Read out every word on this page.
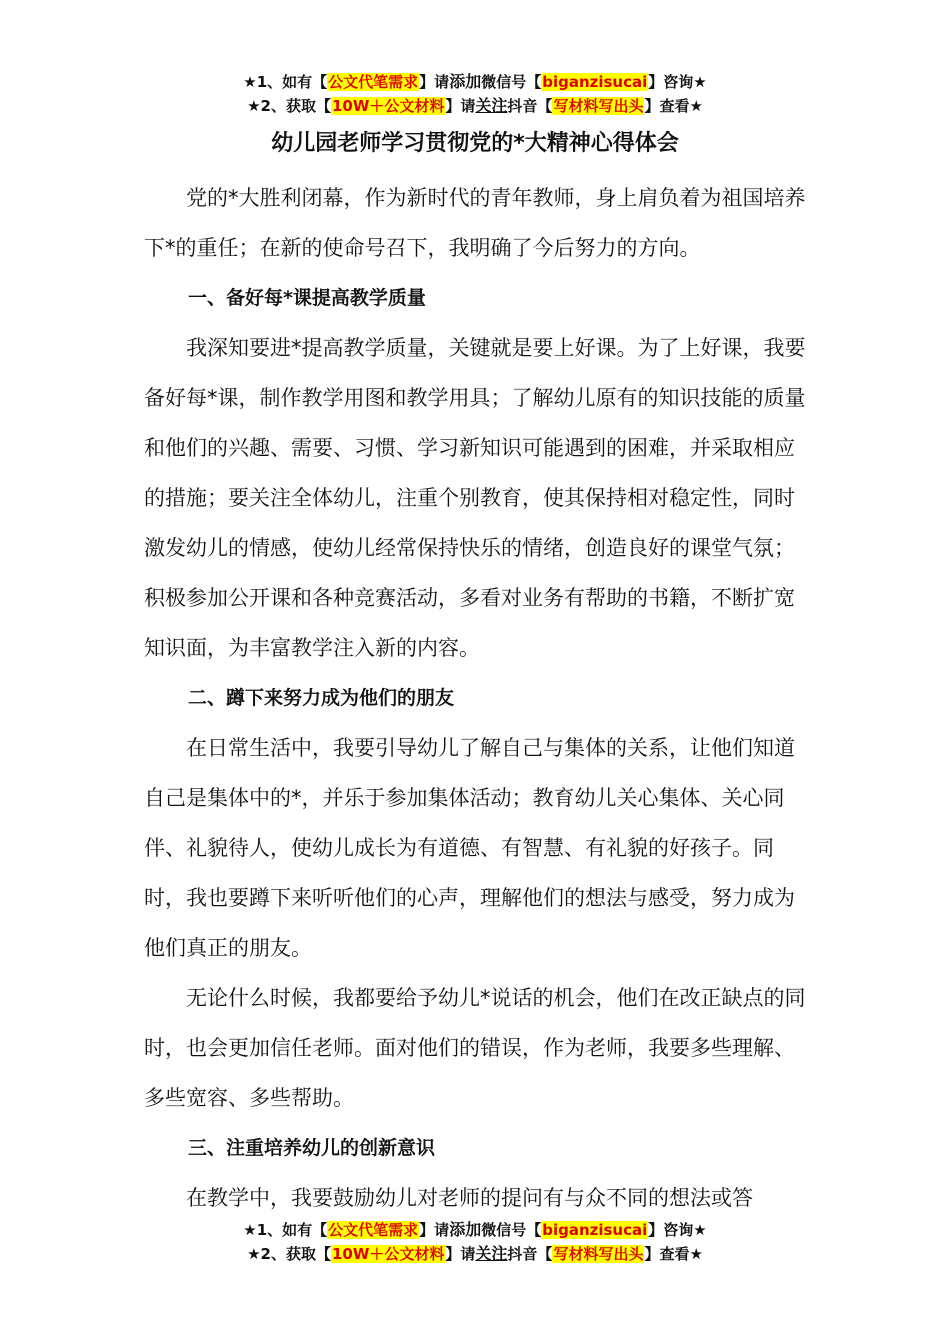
★1、如有【公文代笔需求】请添加微信号【biganzisucai】咨询★
★2、获取【10W＋公文材料】请关注抖音【写材料写出头】查看★
幼儿园老师学习贯彻党的*大精神心得体会

党的*大胜利闭幕，作为新时代的青年教师，身上肩负着为祖国培养下*的重任；在新的使命号召下，我明确了今后努力的方向。

一、备好每*课提高教学质量

我深知要进*提高教学质量，关键就是要上好课。为了上好课，我要备好每*课，制作教学用图和教学用具；了解幼儿原有的知识技能的质量和他们的兴趣、需要、习惯、学习新知识可能遇到的困难，并采取相应的措施；要关注全体幼儿，注重个别教育，使其保持相对稳定性，同时激发幼儿的情感，使幼儿经常保持快乐的情绪，创造良好的课堂气氛；积极参加公开课和各种竞赛活动，多看对业务有帮助的书籍，不断扩宽知识面，为丰富教学注入新的内容。

二、蹲下来努力成为他们的朋友

在日常生活中，我要引导幼儿了解自己与集体的关系，让他们知道自己是集体中的*，并乐于参加集体活动；教育幼儿关心集体、关心同伴、礼貌待人，使幼儿成长为有道德、有智慧、有礼貌的好孩子。同时，我也要蹲下来听听他们的心声，理解他们的想法与感受，努力成为他们真正的朋友。

无论什么时候，我都要给予幼儿*说话的机会，他们在改正缺点的同时，也会更加信任老师。面对他们的错误，作为老师，我要多些理解、多些宽容、多些帮助。

三、注重培养幼儿的创新意识

在教学中，我要鼓励幼儿对老师的提问有与众不同的想法或答

★1、如有【公文代笔需求】请添加微信号【biganzisucai】咨询★
★2、获取【10W＋公文材料】请关注抖音【写材料写出头】查看★
